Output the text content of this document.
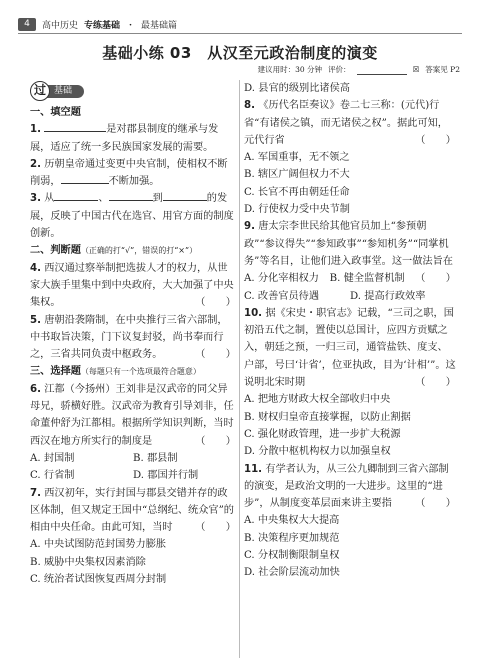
4	高中历史 专练基础 ・ 最基础篇
基础小练 03　从汉至元政治制度的演变
建议用时：30 分钟 评价：	☒ 答案见 P2
过 基础

一、填空题

1.	是对郡县制度的继承与发展，适应了统一多民族国家发展的需要。

2. 历朝皇帝通过变更中央官制，使相权不断削弱，	不断加强。

3. 从	、	到	的发展，反映了中国古代在选官、用官方面的制度创新。

二、判断题（正确的打“√”，错误的打“×”）

4. 西汉通过察举制把选拔人才的权力，从世家大族手里集中到中央政府，大大加强了中央集权。	（　　）

5. 唐朝沿袭隋制，在中央推行三省六部制，中书取旨决策，门下议复封驳，尚书奉而行之，三省共同负责中枢政务。	（　　）

三、选择题（每题只有一个选项最符合题意）

6. 江都（今扬州）王刘非是汉武帝的同父异母兄，骄横好胜。汉武帝为教育引导刘非，任命董仲舒为江都相。根据所学知识判断，当时西汉在地方所实行的制度是	（　　）

A. 封国制	B. 郡县制

C. 行省制	D. 郡国并行制

7. 西汉初年，实行封国与郡县交错并存的政区体制，但又规定王国中“总纲纪、统众官”的相由中央任命。由此可知，当时 （　　）

A. 中央试图防范封国势力膨胀

B. 威胁中央集权因素消除

C. 统治者试图恢复西周分封制

D. 县官的级别比诸侯高

8. 《历代名臣奏议》卷二七三称：(元代)行省“有诸侯之镇，而无诸侯之权”。据此可知，元代行省	（　　）

A. 军国重事，无不领之

B. 辖区广阔但权力不大

C. 长官不再由朝廷任命

D. 行使权力受中央节制

9. 唐太宗李世民给其他官员加上“参预朝政”“参议得失”“参知政事”“参知机务”“同掌机务”等名目，让他们进入政事堂。这一做法旨在
（　　）

A. 分化宰相权力	B. 健全监督机制

C. 改善官员待遇	D. 提高行政效率

10. 据《宋史・职官志》记载，“三司之职，国初沿五代之制，置使以总国计，应四方贡赋之入，朝廷之预，一归三司，通管盐铁、度支、户部，号曰‘计省’，位亚执政，目为‘计相’”。这说明北宋时期	（　　）

A. 把地方财政大权全部收归中央

B. 财权归皇帝直接掌握，以防止割据

C. 强化财政管理，进一步扩大税源

D. 分散中枢机构权力以加强皇权

11. 有学者认为，从三公九卿制到三省六部制的演变，是政治文明的一大进步。这里的“进步”，从制度变革层面来讲主要指 （　　）

A. 中央集权大大提高

B. 决策程序更加规范

C. 分权制衡限制皇权

D. 社会阶层流动加快
